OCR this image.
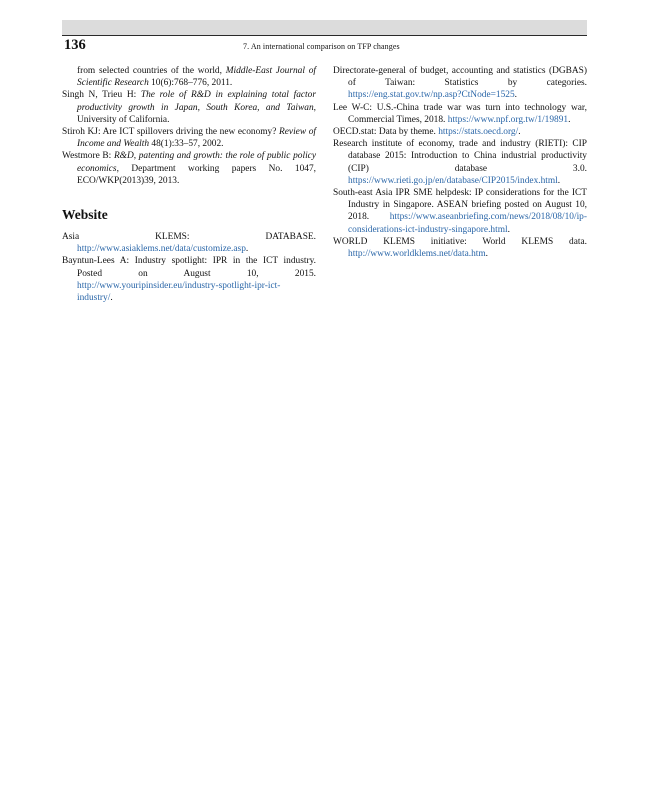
136	7. An international comparison on TFP changes

from selected countries of the world, Middle-East Journal of Scientific Research 10(6):768–776, 2011.

Singh N, Trieu H: The role of R&D in explaining total factor productivity growth in Japan, South Korea, and Taiwan, University of California.

Stiroh KJ: Are ICT spillovers driving the new economy? Review of Income and Wealth 48(1):33–57, 2002.

Westmore B: R&D, patenting and growth: the role of public policy economics, Department working papers No. 1047, ECO/WKP(2013)39, 2013.

Website

Asia KLEMS: DATABASE. http://www.asiaklems.net/data/customize.asp.

Bayntun-Lees A: Industry spotlight: IPR in the ICT industry. Posted on August 10, 2015. http://www.youripinsider.eu/industry-spotlight-ipr-ict-industry/.

Directorate-general of budget, accounting and statistics (DGBAS) of Taiwan: Statistics by categories. https://eng.stat.gov.tw/np.asp?CtNode=1525.

Lee W-C: U.S.-China trade war was turn into technology war, Commercial Times, 2018. https://www.npf.org.tw/1/19891.

OECD.stat: Data by theme. https://stats.oecd.org/.

Research institute of economy, trade and industry (RIETI): CIP database 2015: Introduction to China industrial productivity (CIP) database 3.0. https://www.rieti.go.jp/en/database/CIP2015/index.html.

South-east Asia IPR SME helpdesk: IP considerations for the ICT Industry in Singapore. ASEAN briefing posted on August 10, 2018. https://www.aseanbriefing.com/news/2018/08/10/ip-considerations-ict-industry-singapore.html.

WORLD KLEMS initiative: World KLEMS data. http://www.worldklems.net/data.htm.
